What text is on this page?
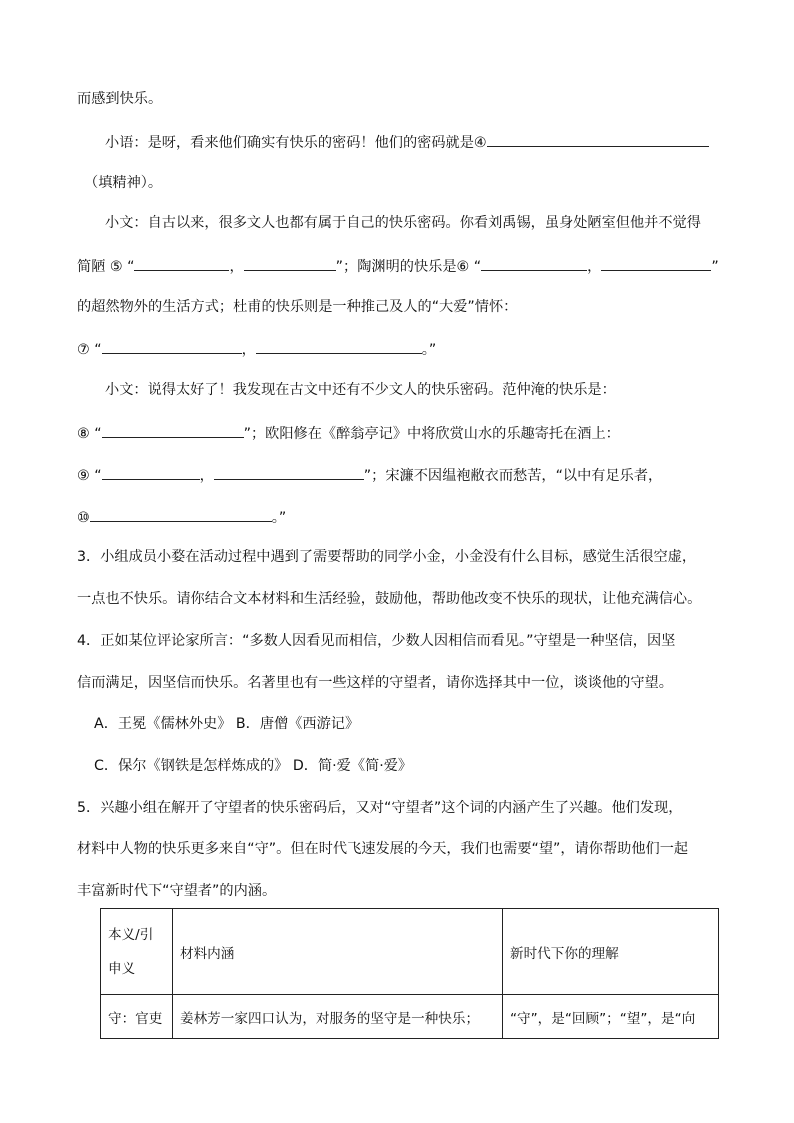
而感到快乐。
小语：是呀，看来他们确实有快乐的密码！他们的密码就是④
（填精神）。
小文：自古以来，很多文人也都有属于自己的快乐密码。你看刘禹锡，虽身处陋室但他并不觉得
简陋 ⑤ “	，	”；陶渊明的快乐是⑥ “	，	”
的超然物外的生活方式；杜甫的快乐则是一种推己及人的“大爱”情怀：
⑦ “	，	。”
小文：说得太好了！我发现在古文中还有不少文人的快乐密码。范仲淹的快乐是：
⑧ “	”；欧阳修在《醉翁亭记》中将欣赏山水的乐趣寄托在酒上：
⑨ “	，	”；宋濂不因缊袍敝衣而愁苦，“以中有足乐者，
⑩	。”
3．小组成员小婺在活动过程中遇到了需要帮助的同学小金，小金没有什么目标，感觉生活很空虚，
一点也不快乐。请你结合文本材料和生活经验，鼓励他，帮助他改变不快乐的现状，让他充满信心。
4．正如某位评论家所言：“多数人因看见而相信，少数人因相信而看见。”守望是一种坚信，因坚
信而满足，因坚信而快乐。名著里也有一些这样的守望者，请你选择其中一位，谈谈他的守望。
A．王冕《儒林外史》 B．唐僧《西游记》
C．保尔《钢铁是怎样炼成的》 D．简·爱《简·爱》
5．兴趣小组在解开了守望者的快乐密码后，又对“守望者”这个词的内涵产生了兴趣。他们发现，
材料中人物的快乐更多来自“守”。但在时代飞速发展的今天，我们也需要“望”，请你帮助他们一起
丰富新时代下“守望者”的内涵。
本义/引
申义	材料内涵	新时代下你的理解
守：官吏	姜林芳一家四口认为，对服务的坚守是一种快乐；	“守”，是“回顾”；“望”，是“向
